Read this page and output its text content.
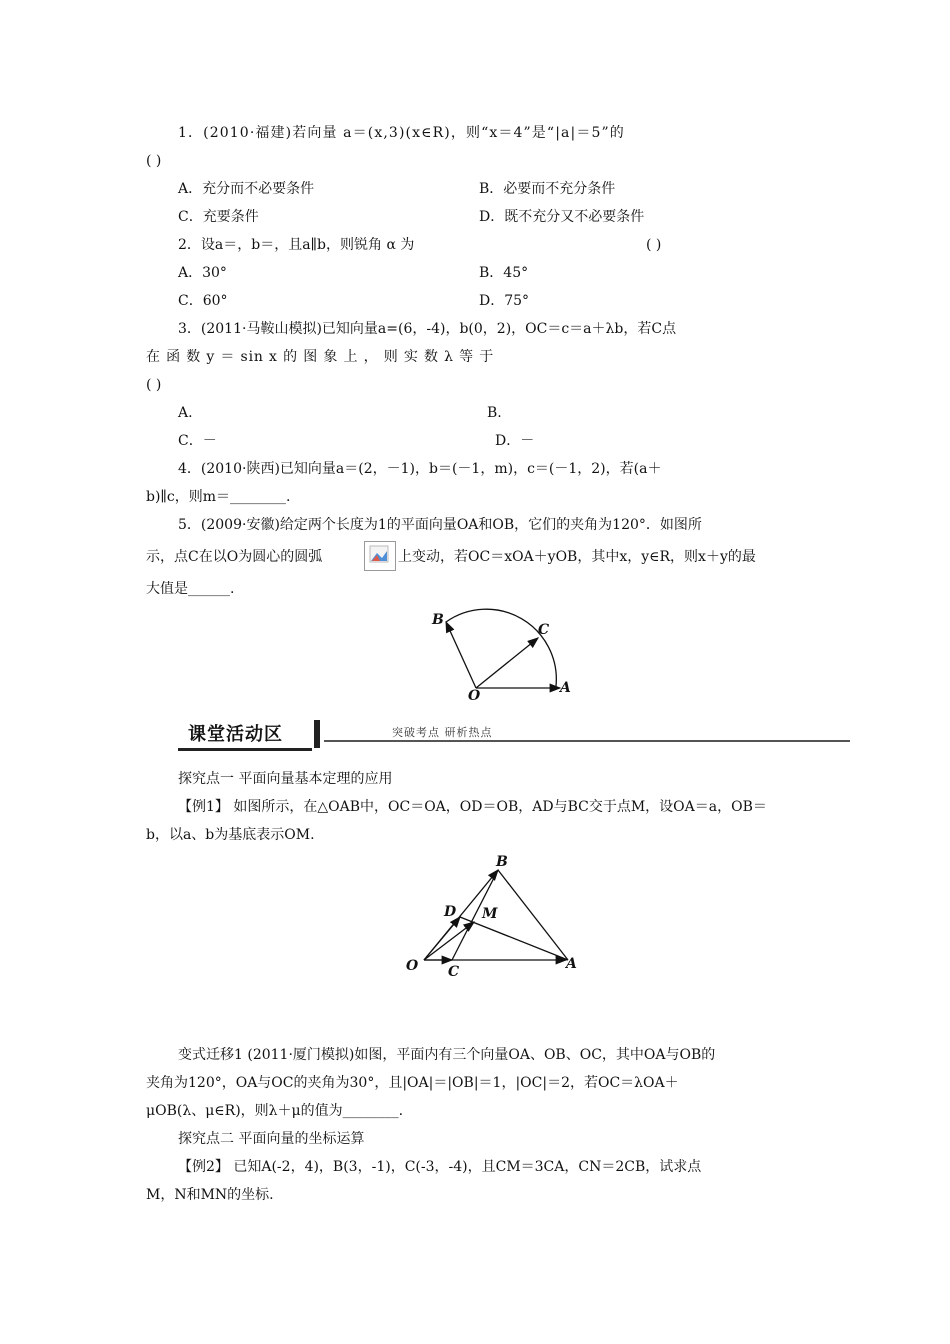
1．(2010·福建)若向量 a＝(x,3)(x∈R)，则“x＝4”是“|a|＝5”的
( )
A．充分而不必要条件	B．必要而不充分条件
C．充要条件	D．既不充分又不必要条件
2．设a＝，b＝，且a∥b，则锐角 α 为	( )
A．30°	B．45°
C．60°	D．75°
3．(2011·马鞍山模拟)已知向量a=(6，-4)，b(0，2)，OC＝c＝a＋λb，若C点
在 函 数 y ＝ sin x 的 图 象 上 ， 则 实 数 λ 等 于
( )
A.	B.
C．－	D．－
4．(2010·陕西)已知向量a＝(2，－1)，b＝(－1，m)，c＝(－1，2)，若(a＋
b)∥c，则m＝________.
5．(2009·安徽)给定两个长度为1的平面向量OA和OB，它们的夹角为120°．如图所
示，点C在以O为圆心的圆弧	上变动，若OC＝xOA＋yOB，其中x，y∈R，则x＋y的最
大值是______.
B
C
O	A
课堂活动区	突破考点 研析热点
探究点一 平面向量基本定理的应用
【例1】 如图所示，在△OAB中，OC＝OA，OD＝OB，AD与BC交于点M，设OA＝a，OB＝
b，以a、b为基底表示OM.
B
D M
O C	A
变式迁移1 (2011·厦门模拟)如图，平面内有三个向量OA、OB、OC，其中OA与OB的
夹角为120°，OA与OC的夹角为30°，且|OA|＝|OB|＝1，|OC|＝2，若OC＝λOA＋
μOB(λ、μ∈R)，则λ＋μ的值为________.
探究点二 平面向量的坐标运算
【例2】 已知A(-2，4)，B(3，-1)，C(-3，-4)，且CM＝3CA，CN＝2CB，试求点
M，N和MN的坐标.
